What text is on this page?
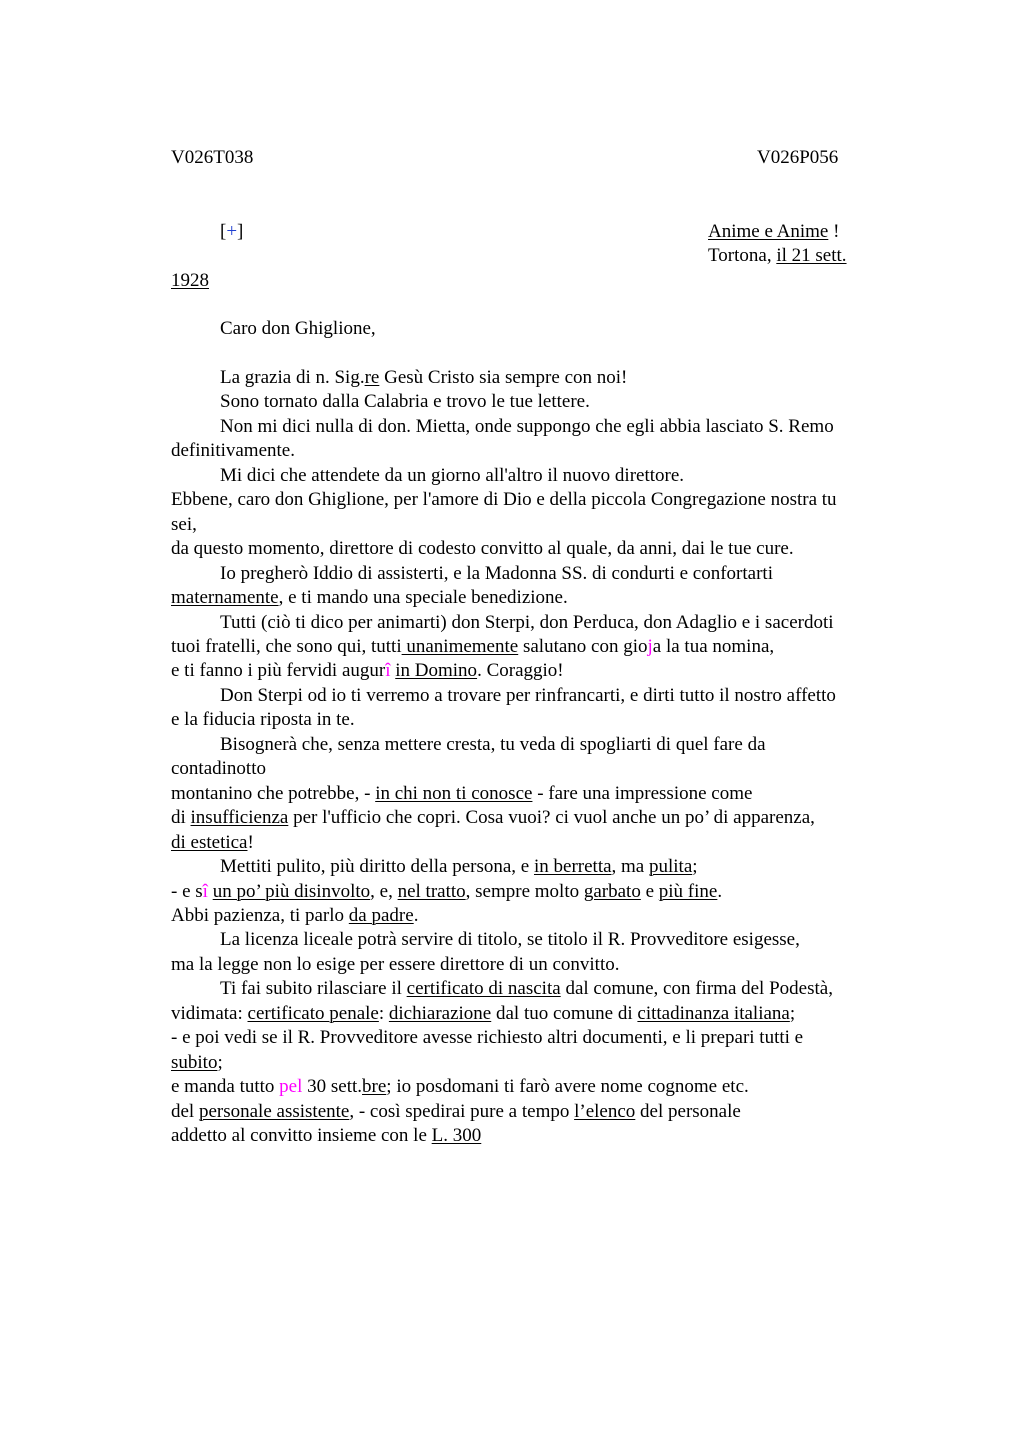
V026T038	V026P056
[+]	Anime e Anime !
Tortona, il 21 sett.
1928
Caro don Ghiglione,
La grazia di n. Sig.re Gesù Cristo sia sempre con noi!
Sono tornato dalla Calabria e trovo le tue lettere.
Non mi dici nulla di don. Mietta, onde suppongo che egli abbia lasciato S. Remo
definitivamente.
Mi dici che attendete da un giorno all'altro il nuovo direttore.
Ebbene, caro don Ghiglione, per l'amore di Dio e della piccola Congregazione nostra tu
sei,
da questo momento, direttore di codesto convitto al quale, da anni, dai le tue cure.
Io pregherò Iddio di assisterti, e la Madonna SS. di condurti e confortarti
maternamente, e ti mando una speciale benedizione.
Tutti (ciò ti dico per animarti) don Sterpi, don Perduca, don Adaglio e i sacerdoti
tuoi fratelli, che sono qui, tutti unanimemente salutano con gioja la tua nomina,
e ti fanno i più fervidi augurî in Domino. Coraggio!
Don Sterpi od io ti verremo a trovare per rinfrancarti, e dirti tutto il nostro affetto
e la fiducia riposta in te.
Bisognerà che, senza mettere cresta, tu veda di spogliarti di quel fare da
contadinotto
montanino che potrebbe, - in chi non ti conosce - fare una impressione come
di insufficienza per l'ufficio che copri. Cosa vuoi? ci vuol anche un po’ di apparenza,
di estetica!
Mettiti pulito, più diritto della persona, e in berretta, ma pulita;
- e sî un po’ più disinvolto, e, nel tratto, sempre molto garbato e più fine.
Abbi pazienza, ti parlo da padre.
La licenza liceale potrà servire di titolo, se titolo il R. Provveditore esigesse,
ma la legge non lo esige per essere direttore di un convitto.
Ti fai subito rilasciare il certificato di nascita dal comune, con firma del Podestà,
vidimata: certificato penale: dichiarazione dal tuo comune di cittadinanza italiana;
- e poi vedi se il R. Provveditore avesse richiesto altri documenti, e li prepari tutti e
subito;
e manda tutto pel 30 sett.bre; io posdomani ti farò avere nome cognome etc.
del personale assistente, - così spedirai pure a tempo l’elenco del personale
addetto al convitto insieme con le L. 300
